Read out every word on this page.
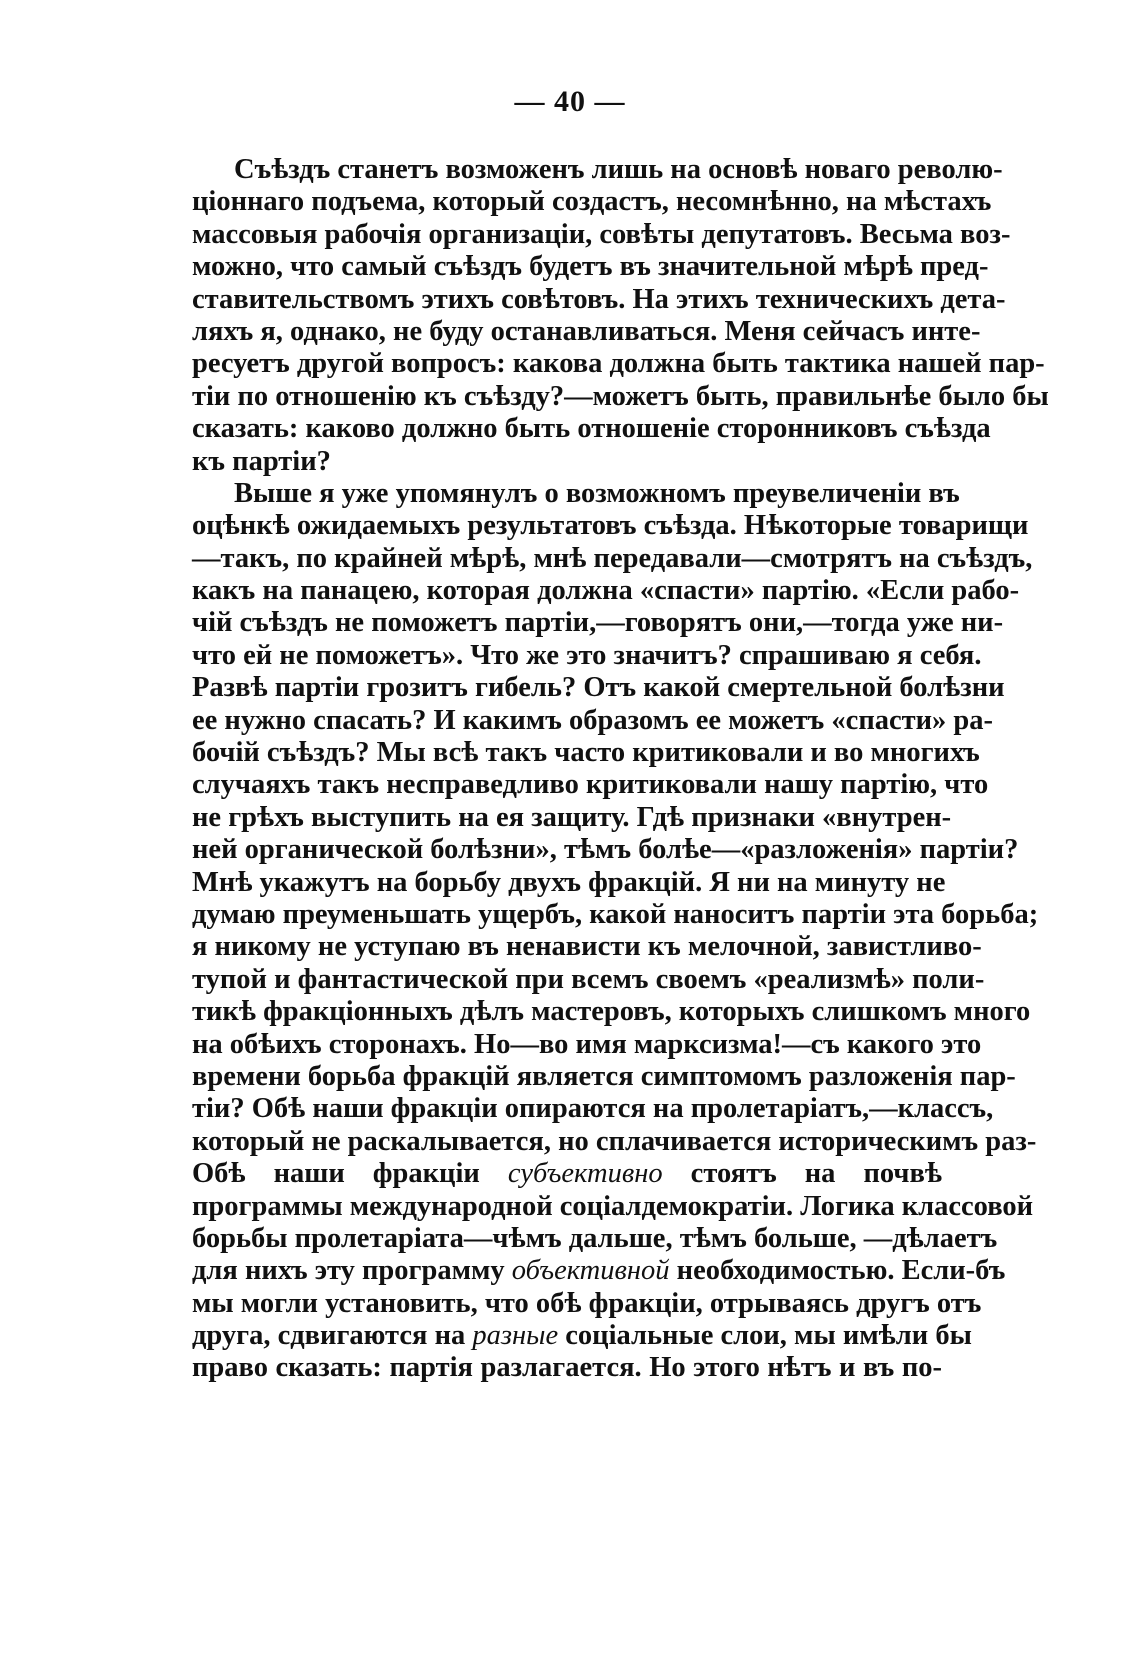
— 40 —
Съѣздъ станетъ возможенъ лишь на основѣ новаго револю-
ціоннаго подъема, который создастъ, несомнѣнно, на мѣстахъ
массовыя рабочія организаціи, совѣты депутатовъ. Весьма воз-
можно, что самый съѣздъ будетъ въ значительной мѣрѣ пред-
ставительствомъ этихъ совѣтовъ. На этихъ техническихъ дета-
ляхъ я, однако, не буду останавливаться. Меня сейчасъ инте-
ресуетъ другой вопросъ: какова должна быть тактика нашей пар-
тіи по отношенію къ съѣзду?—можетъ быть, правильнѣе было бы
сказать: каково должно быть отношеніе сторонниковъ съѣзда
къ партіи?
Выше я уже упомянулъ о возможномъ преувеличеніи въ
оцѣнкѣ ожидаемыхъ результатовъ съѣзда. Нѣкоторые товарищи
—такъ, по крайней мѣрѣ, мнѣ передавали—смотрятъ на съѣздъ,
какъ на панацею, которая должна «спасти» партію. «Если рабо-
чій съѣздъ не поможетъ партіи,—говорятъ они,—тогда уже ни-
что ей не поможетъ». Что же это значитъ? спрашиваю я себя.
Развѣ партіи грозитъ гибель? Отъ какой смертельной болѣзни
ее нужно спасать? И какимъ образомъ ее можетъ «спасти» ра-
бочій съѣздъ? Мы всѣ такъ часто критиковали и во многихъ
случаяхъ такъ несправедливо критиковали нашу партію, что
не грѣхъ выступить на ея защиту. Гдѣ признаки «внутрен-
ней органической болѣзни», тѣмъ болѣе—«разложенія» партіи?
Мнѣ укажутъ на борьбу двухъ фракцій. Я ни на минуту не
думаю преуменьшать ущербъ, какой наноситъ партіи эта борьба;
я никому не уступаю въ ненависти къ мелочной, завистливо-
тупой и фантастической при всемъ своемъ «реализмѣ» поли-
тикѣ фракціонныхъ дѣлъ мастеровъ, которыхъ слишкомъ много
на обѣихъ сторонахъ. Но—во имя марксизма!—съ какого это
времени борьба фракцій является симптомомъ разложенія пар-
тіи? Обѣ наши фракціи опираются на пролетаріатъ,—классъ,
который не раскалывается, но сплачивается историческимъ раз-
Обѣ наши фракціи субъективно стоятъ на почвѣ
программы международной соціалдемократіи. Логика классовой
борьбы пролетаріата—чѣмъ дальше, тѣмъ больше, —дѣлаетъ
для нихъ эту программу объективной необходимостью. Если-бъ
мы могли установить, что обѣ фракціи, отрываясь другъ отъ
друга, сдвигаются на разные соціальные слои, мы имѣли бы
право сказать: партія разлагается. Но этого нѣтъ и въ по-
